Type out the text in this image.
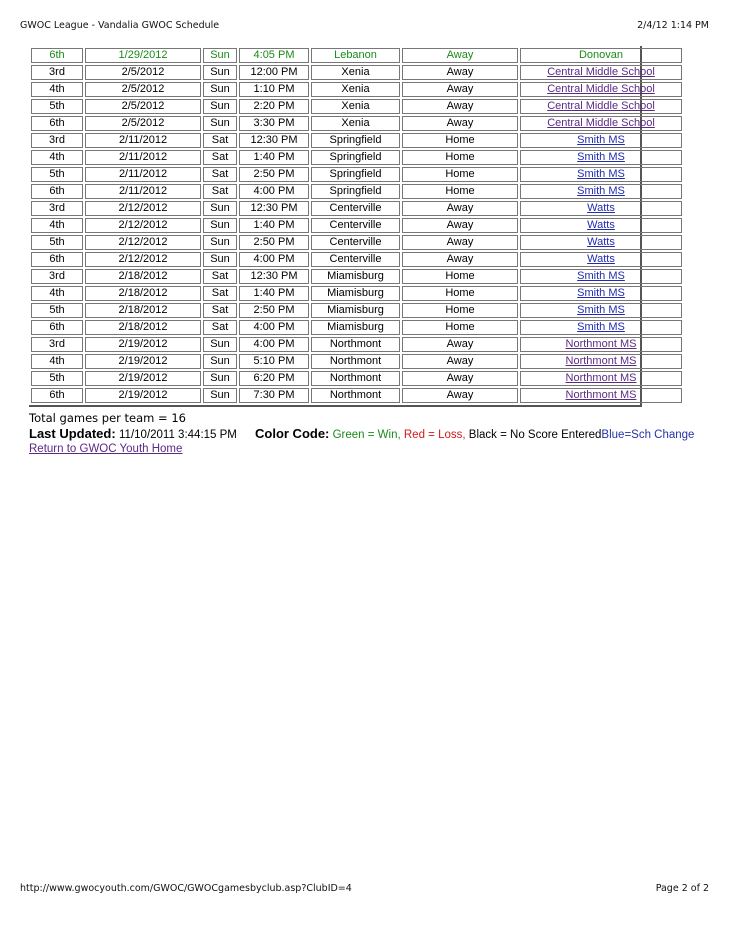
GWOC League - Vandalia GWOC Schedule	2/4/12 1:14 PM
6th	1/29/2012	Sun	4:05 PM	Lebanon	Away	Donovan
3rd	2/5/2012	Sun	12:00 PM	Xenia	Away	Central Middle School
4th	2/5/2012	Sun	1:10 PM	Xenia	Away	Central Middle School
5th	2/5/2012	Sun	2:20 PM	Xenia	Away	Central Middle School
6th	2/5/2012	Sun	3:30 PM	Xenia	Away	Central Middle School
3rd	2/11/2012	Sat	12:30 PM	Springfield	Home	Smith MS
4th	2/11/2012	Sat	1:40 PM	Springfield	Home	Smith MS
5th	2/11/2012	Sat	2:50 PM	Springfield	Home	Smith MS
6th	2/11/2012	Sat	4:00 PM	Springfield	Home	Smith MS
3rd	2/12/2012	Sun	12:30 PM	Centerville	Away	Watts
4th	2/12/2012	Sun	1:40 PM	Centerville	Away	Watts
5th	2/12/2012	Sun	2:50 PM	Centerville	Away	Watts
6th	2/12/2012	Sun	4:00 PM	Centerville	Away	Watts
3rd	2/18/2012	Sat	12:30 PM	Miamisburg	Home	Smith MS
4th	2/18/2012	Sat	1:40 PM	Miamisburg	Home	Smith MS
5th	2/18/2012	Sat	2:50 PM	Miamisburg	Home	Smith MS
6th	2/18/2012	Sat	4:00 PM	Miamisburg	Home	Smith MS
3rd	2/19/2012	Sun	4:00 PM	Northmont	Away	Northmont MS
4th	2/19/2012	Sun	5:10 PM	Northmont	Away	Northmont MS
5th	2/19/2012	Sun	6:20 PM	Northmont	Away	Northmont MS
6th	2/19/2012	Sun	7:30 PM	Northmont	Away	Northmont MS
Total games per team = 16
Last Updated: 11/10/2011 3:44:15 PM Color Code: Green = Win, Red = Loss, Black = No Score EnteredBlue=Sch Change
Return to GWOC Youth Home
http://www.gwocyouth.com/GWOC/GWOCgamesbyclub.asp?ClubID=4	Page 2 of 2
